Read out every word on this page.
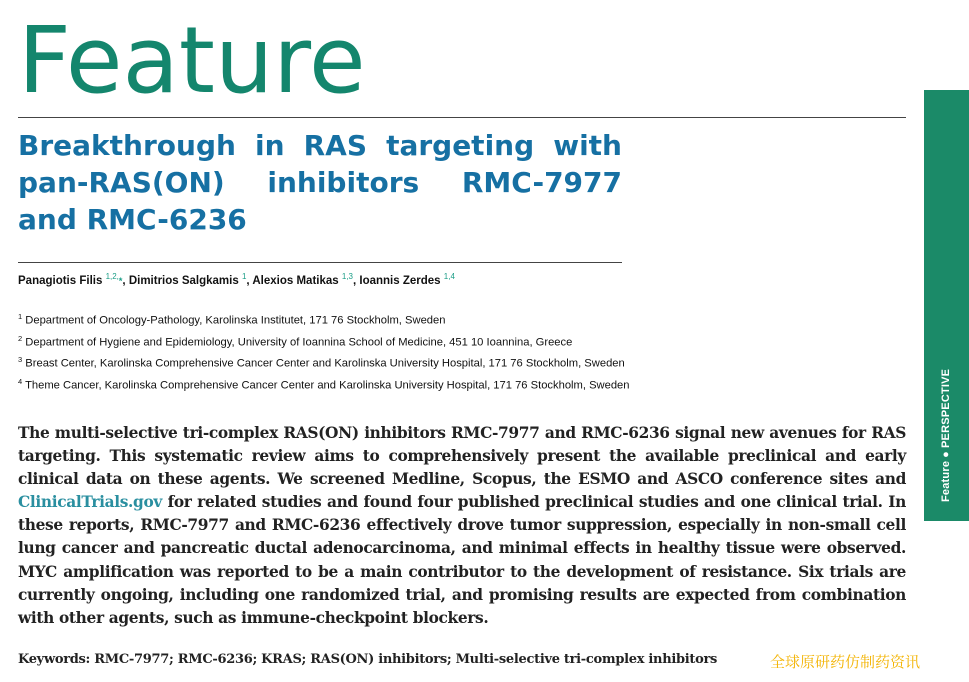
Feature
Breakthrough in RAS targeting with pan-RAS(ON) inhibitors RMC-7977 and RMC-6236
Panagiotis Filis $^{1,2,}$*, Dimitrios Salgkamis $^1$, Alexios Matikas $^{1,3}$, Ioannis Zerdes $^{1,4}$
$^1$ Department of Oncology-Pathology, Karolinska Institutet, 171 76 Stockholm, Sweden
$^2$ Department of Hygiene and Epidemiology, University of Ioannina School of Medicine, 451 10 Ioannina, Greece
$^3$ Breast Center, Karolinska Comprehensive Cancer Center and Karolinska University Hospital, 171 76 Stockholm, Sweden
$^4$ Theme Cancer, Karolinska Comprehensive Cancer Center and Karolinska University Hospital, 171 76 Stockholm, Sweden

The multi-selective tri-complex RAS(ON) inhibitors RMC-7977 and RMC-6236 signal new avenues for RAS targeting. This systematic review aims to comprehensively present the available preclinical and early clinical data on these agents. We screened Medline, Scopus, the ESMO and ASCO conference sites and ClinicalTrials.gov for related studies and found four published preclinical studies and one clinical trial. In these reports, RMC-7977 and RMC-6236 effectively drove tumor suppression, especially in non-small cell lung cancer and pancreatic ductal adenocarcinoma, and minimal effects in healthy tissue were observed. MYC amplification was reported to be a main contributor to the development of resistance. Six trials are currently ongoing, including one randomized trial, and promising results are expected from combination with other agents, such as immune-checkpoint blockers.

Keywords: RMC-7977; RMC-6236; KRAS; RAS(ON) inhibitors; Multi-selective tri-complex inhibitors	全球原研药仿制药资讯
Feature●PERSPECTIVE
